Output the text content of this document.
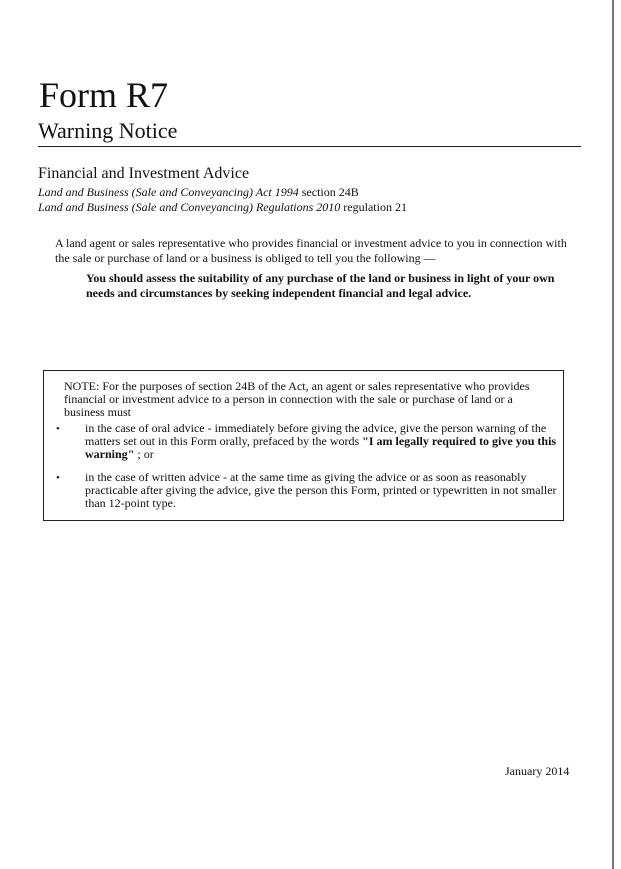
Form R7
Warning Notice
Financial and Investment Advice
Land and Business (Sale and Conveyancing) Act 1994 section 24B
Land and Business (Sale and Conveyancing) Regulations 2010 regulation 21

A land agent or sales representative who provides financial or investment advice to you in connection with the sale or purchase of land or a business is obliged to tell you the following —

You should assess the suitability of any purchase of the land or business in light of your own needs and circumstances by seeking independent financial and legal advice.

NOTE: For the purposes of section 24B of the Act, an agent or sales representative who provides financial or investment advice to a person in connection with the sale or purchase of land or a business must

• in the case of oral advice - immediately before giving the advice, give the person warning of the matters set out in this Form orally, prefaced by the words "I am legally required to give you this warning" ; or

• in the case of written advice - at the same time as giving the advice or as soon as reasonably practicable after giving the advice, give the person this Form, printed or typewritten in not smaller than 12-point type.

January 2014
